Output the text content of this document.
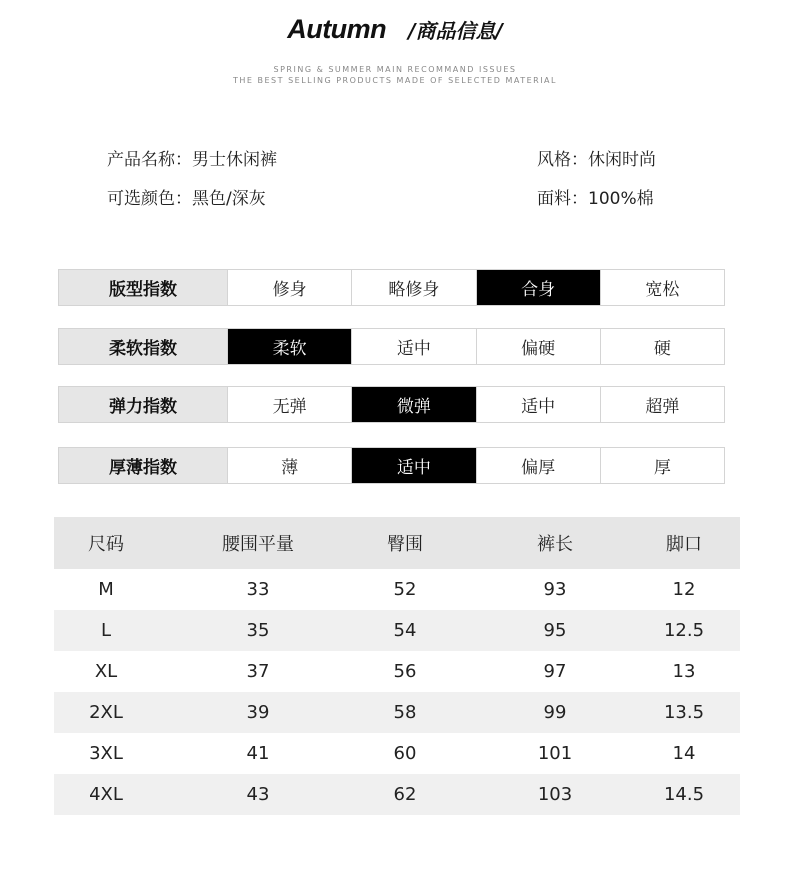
Autumn /商品信息/
SPRING & SUMMER MAIN RECOMMAND ISSUES
THE BEST SELLING PRODUCTS MADE OF SELECTED MATERIAL
产品名称：男士休闲裤	风格：休闲时尚
可选颜色：黑色/深灰	面料：100%棉
版型指数	修身	略修身	合身	宽松
柔软指数	柔软	适中	偏硬	硬
弹力指数	无弹	微弹	适中	超弹
厚薄指数	薄	适中	偏厚	厚
尺码	腰围平量	臀围	裤长	脚口
M	33	52	93	12
L	35	54	95	12.5
XL	37	56	97	13
2XL	39	58	99	13.5
3XL	41	60	101	14
4XL	43	62	103	14.5
